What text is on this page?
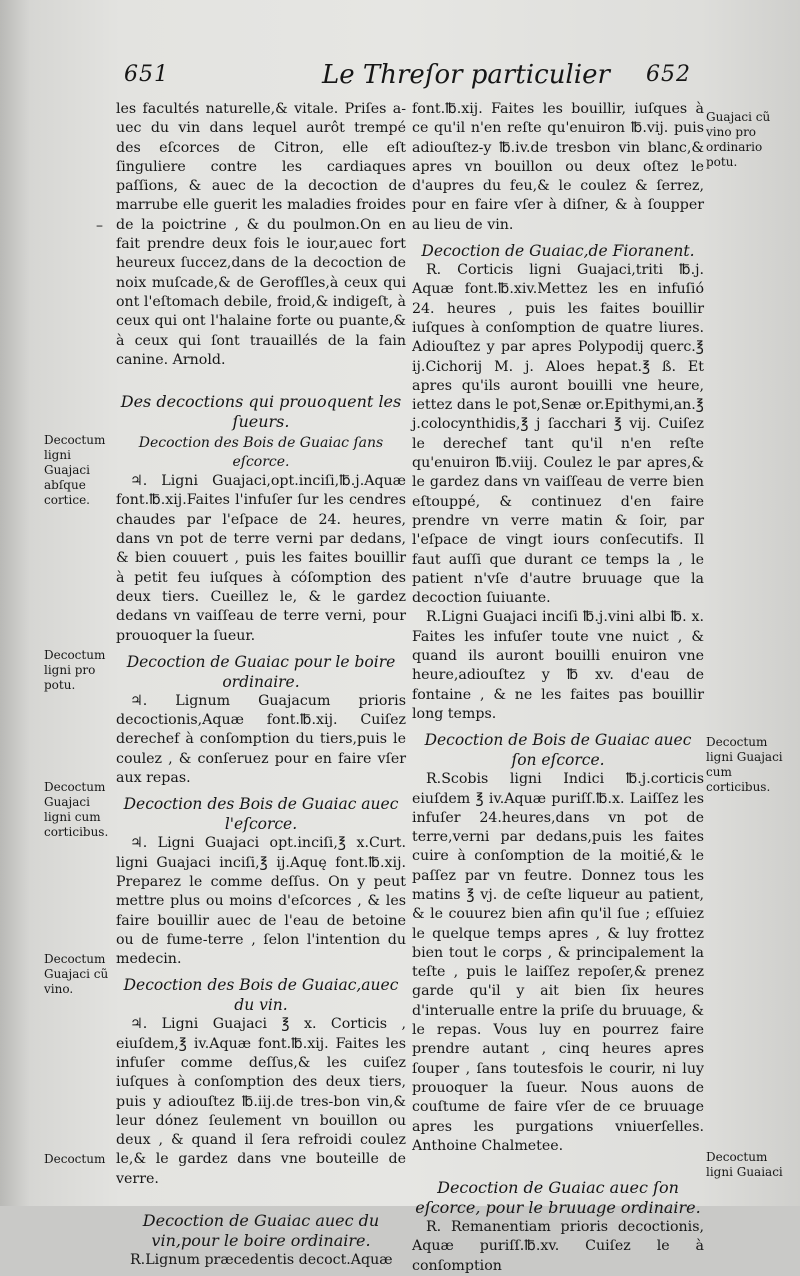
651	Le Threſor particulier 652

les facultés naturelle,& vitale. Priſes a-uec du vin dans lequel aurôt trempé des eſcorces de Citron, elle eſt ſinguliere contre les cardiaques paſſions, & auec de la decoction de marrube elle guerit les maladies froides de la poictrine , & du poulmon.On en fait prendre deux fois le iour,auec fort heureux ſuccez,dans de la decoction de noix muſcade,& de Gerofſles,à ceux qui ont l'eſtomach debile, froid,& indigeſt, à ceux qui ont l'halaine forte ou puante,& à ceux qui ſont trauaillés de la fain canine. Arnold.

Des decoctions qui prouoquent les ſueurs.
Decoction des Bois de Guaiac ſans eſcorce.

♃. Ligni Guajaci,opt.inciſi,℔.j.Aquæ font.℔.xij.Faites l'infuſer ſur les cendres chaudes par l'eſpace de 24. heures, dans vn pot de terre verni par dedans, & bien couuert , puis les faites bouillir à petit feu iuſques à cóſomption des deux tiers. Cueillez le, & le gardez dedans vn vaiſſeau de terre verni, pour prouoquer la ſueur.

Decoction de Guaiac pour le boire ordinaire.

♃. Lignum Guajacum prioris decoctionis,Aquæ font.℔.xij. Cuiſez derechef à conſomption du tiers,puis le coulez , & conſeruez pour en faire vſer aux repas.

Decoction des Bois de Guaiac auec l'eſcorce.

♃. Ligni Guajaci opt.inciſi,℥ x.Curt. ligni Guajaci inciſi,℥ ij.Aquę font.℔.xij. Preparez le comme deſſus. On y peut mettre plus ou moins d'eſcorces , & les faire bouillir auec de l'eau de betoine ou de fume-terre , ſelon l'intention du medecin.

Decoction des Bois de Guaiac,auec du vin.

♃. Ligni Guajaci ℥ x. Corticis , eiuſdem,℥ iv.Aquæ font.℔.xij. Faites les infuſer comme deſſus,& les cuiſez iuſques à conſomption des deux tiers, puis y adiouſtez ℔.iij.de tres-bon vin,& leur dónez ſeulement vn bouillon ou deux , & quand il ſera refroidi coulez le,& le gardez dans vne bouteille de verre.

Decoction de Guaiac auec du vin,pour le boire ordinaire.

R.Lignum præcedentis decoct.Aquæ

font.℔.xij. Faites les bouillir, iuſques à ce qu'il n'en reſte qu'enuiron ℔.vij. puis adiouſtez-y ℔.iv.de tresbon vin blanc,& apres vn bouillon ou deux oſtez le d'aupres du feu,& le coulez & ſerrez, pour en faire vſer à diſner, & à ſoupper au lieu de vin.

Decoction de Guaiac,de Fioranent.

R. Corticis ligni Guajaci,triti ℔.j. Aquæ font.℔.xiv.Mettez les en infuſió 24. heures , puis les faites bouillir iuſques à conſomption de quatre liures. Adiouſtez y par apres Polypodij querc.℥ ij.Cichorij M. j. Aloes hepat.℥ ß. Et apres qu'ils auront bouilli vne heure, iettez dans le pot,Senæ or.Epithymi,an.℥ j.colocynthidis,℥ j ſacchari ℥ vij. Cuiſez le derechef tant qu'il n'en reſte qu'enuiron ℔.viij. Coulez le par apres,& le gardez dans vn vaiſſeau de verre bien eſtouppé, & continuez d'en faire prendre vn verre matin & ſoir, par l'eſpace de vingt iours conſecutifs. Il faut auſſi que durant ce temps la , le patient n'vſe d'autre bruuage que la decoction ſuiuante.

R.Ligni Guajaci inciſi ℔.j.vini albi ℔. x. Faites les infuſer toute vne nuict , & quand ils auront bouilli enuiron vne heure,adiouſtez y ℔ xv. d'eau de fontaine , & ne les faites pas bouillir long temps.

Decoction de Bois de Guaiac auec ſon eſcorce.

R.Scobis ligni Indici ℔.j.corticis eiuſdem ℥ iv.Aquæ puriſſ.℔.x. Laiſſez les infuſer 24.heures,dans vn pot de terre,verni par dedans,puis les faites cuire à conſomption de la moitié,& le paſſez par vn feutre. Donnez tous les matins ℥ vj. de ceſte liqueur au patient, & le couurez bien afin qu'il ſue ; eſſuiez le quelque temps apres , & luy frottez bien tout le corps , & principalement la teſte , puis le laiſſez repoſer,& prenez garde qu'il y ait bien ſix heures d'interualle entre la priſe du bruuage, & le repas. Vous luy en pourrez faire prendre autant , cinq heures apres ſouper , ſans toutesfois le courir, ni luy prouoquer la ſueur. Nous auons de couſtume de faire vſer de ce bruuage apres les purgations vniuerſelles. Anthoine Chalmetee.

Decoction de Guaiac auec ſon eſcorce, pour le bruuage ordinaire.

R. Remanentiam prioris decoctionis, Aquæ puriſſ.℔.xv. Cuiſez le à conſomption

–
Decoctum ligni Guajaci abſque cortice.
Decoctum ligni pro potu.
Decoctum Guajaci ligni cum corticibus.
Decoctum Guajaci cũ vino.
Decoctum
Guajaci cũ vino pro ordinario potu.
Decoctum ligni Guajaci cum corticibus.
Decoctum ligni Guaiaci
